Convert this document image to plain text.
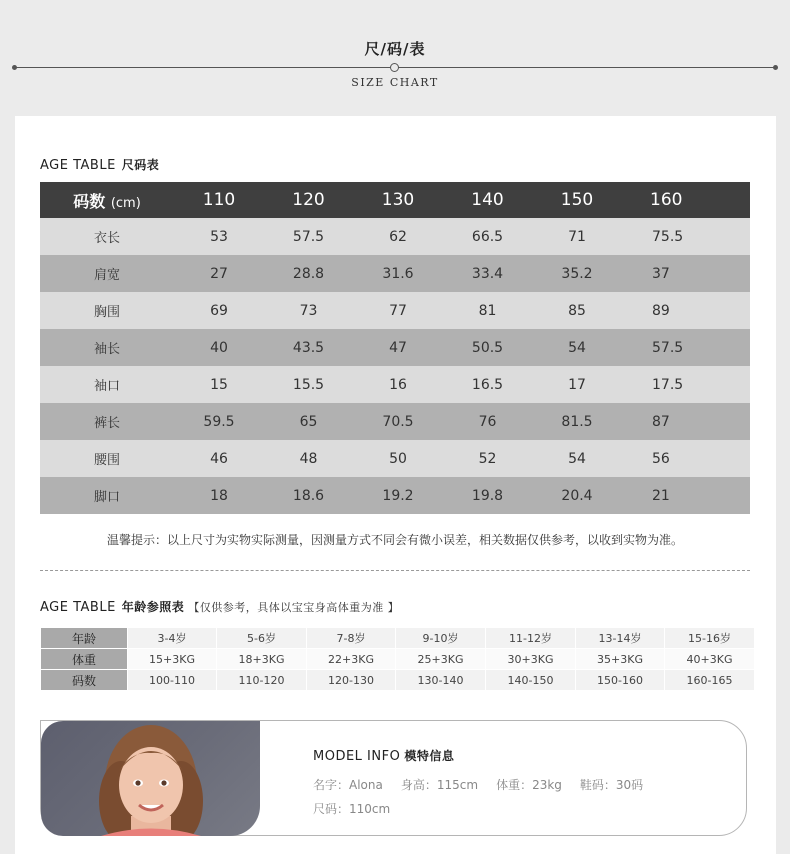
尺/码/表
SIZE CHART
AGE TABLE 尺码表
码数 (cm)	110	120	130	140	150	160
衣长	53	57.5	62	66.5	71	75.5
肩宽	27	28.8	31.6	33.4	35.2	37
胸围	69	73	77	81	85	89
袖长	40	43.5	47	50.5	54	57.5
袖口	15	15.5	16	16.5	17	17.5
裤长	59.5	65	70.5	76	81.5	87
腰围	46	48	50	52	54	56
脚口	18	18.6	19.2	19.8	20.4	21
温馨提示：以上尺寸为实物实际测量，因测量方式不同会有微小误差，相关数据仅供参考，以收到实物为准。
AGE TABLE 年龄参照表 【仅供参考，具体以宝宝身高体重为准 】
年龄	3-4岁	5-6岁	7-8岁	9-10岁	11-12岁	13-14岁	15-16岁
体重	15+3KG	18+3KG	22+3KG	25+3KG	30+3KG	35+3KG	40+3KG
码数	100-110	110-120	120-130	130-140	140-150	150-160	160-165
MODEL INFO 模特信息
名字：Alona 身高：115cm 体重：23kg 鞋码：30码
尺码：110cm
